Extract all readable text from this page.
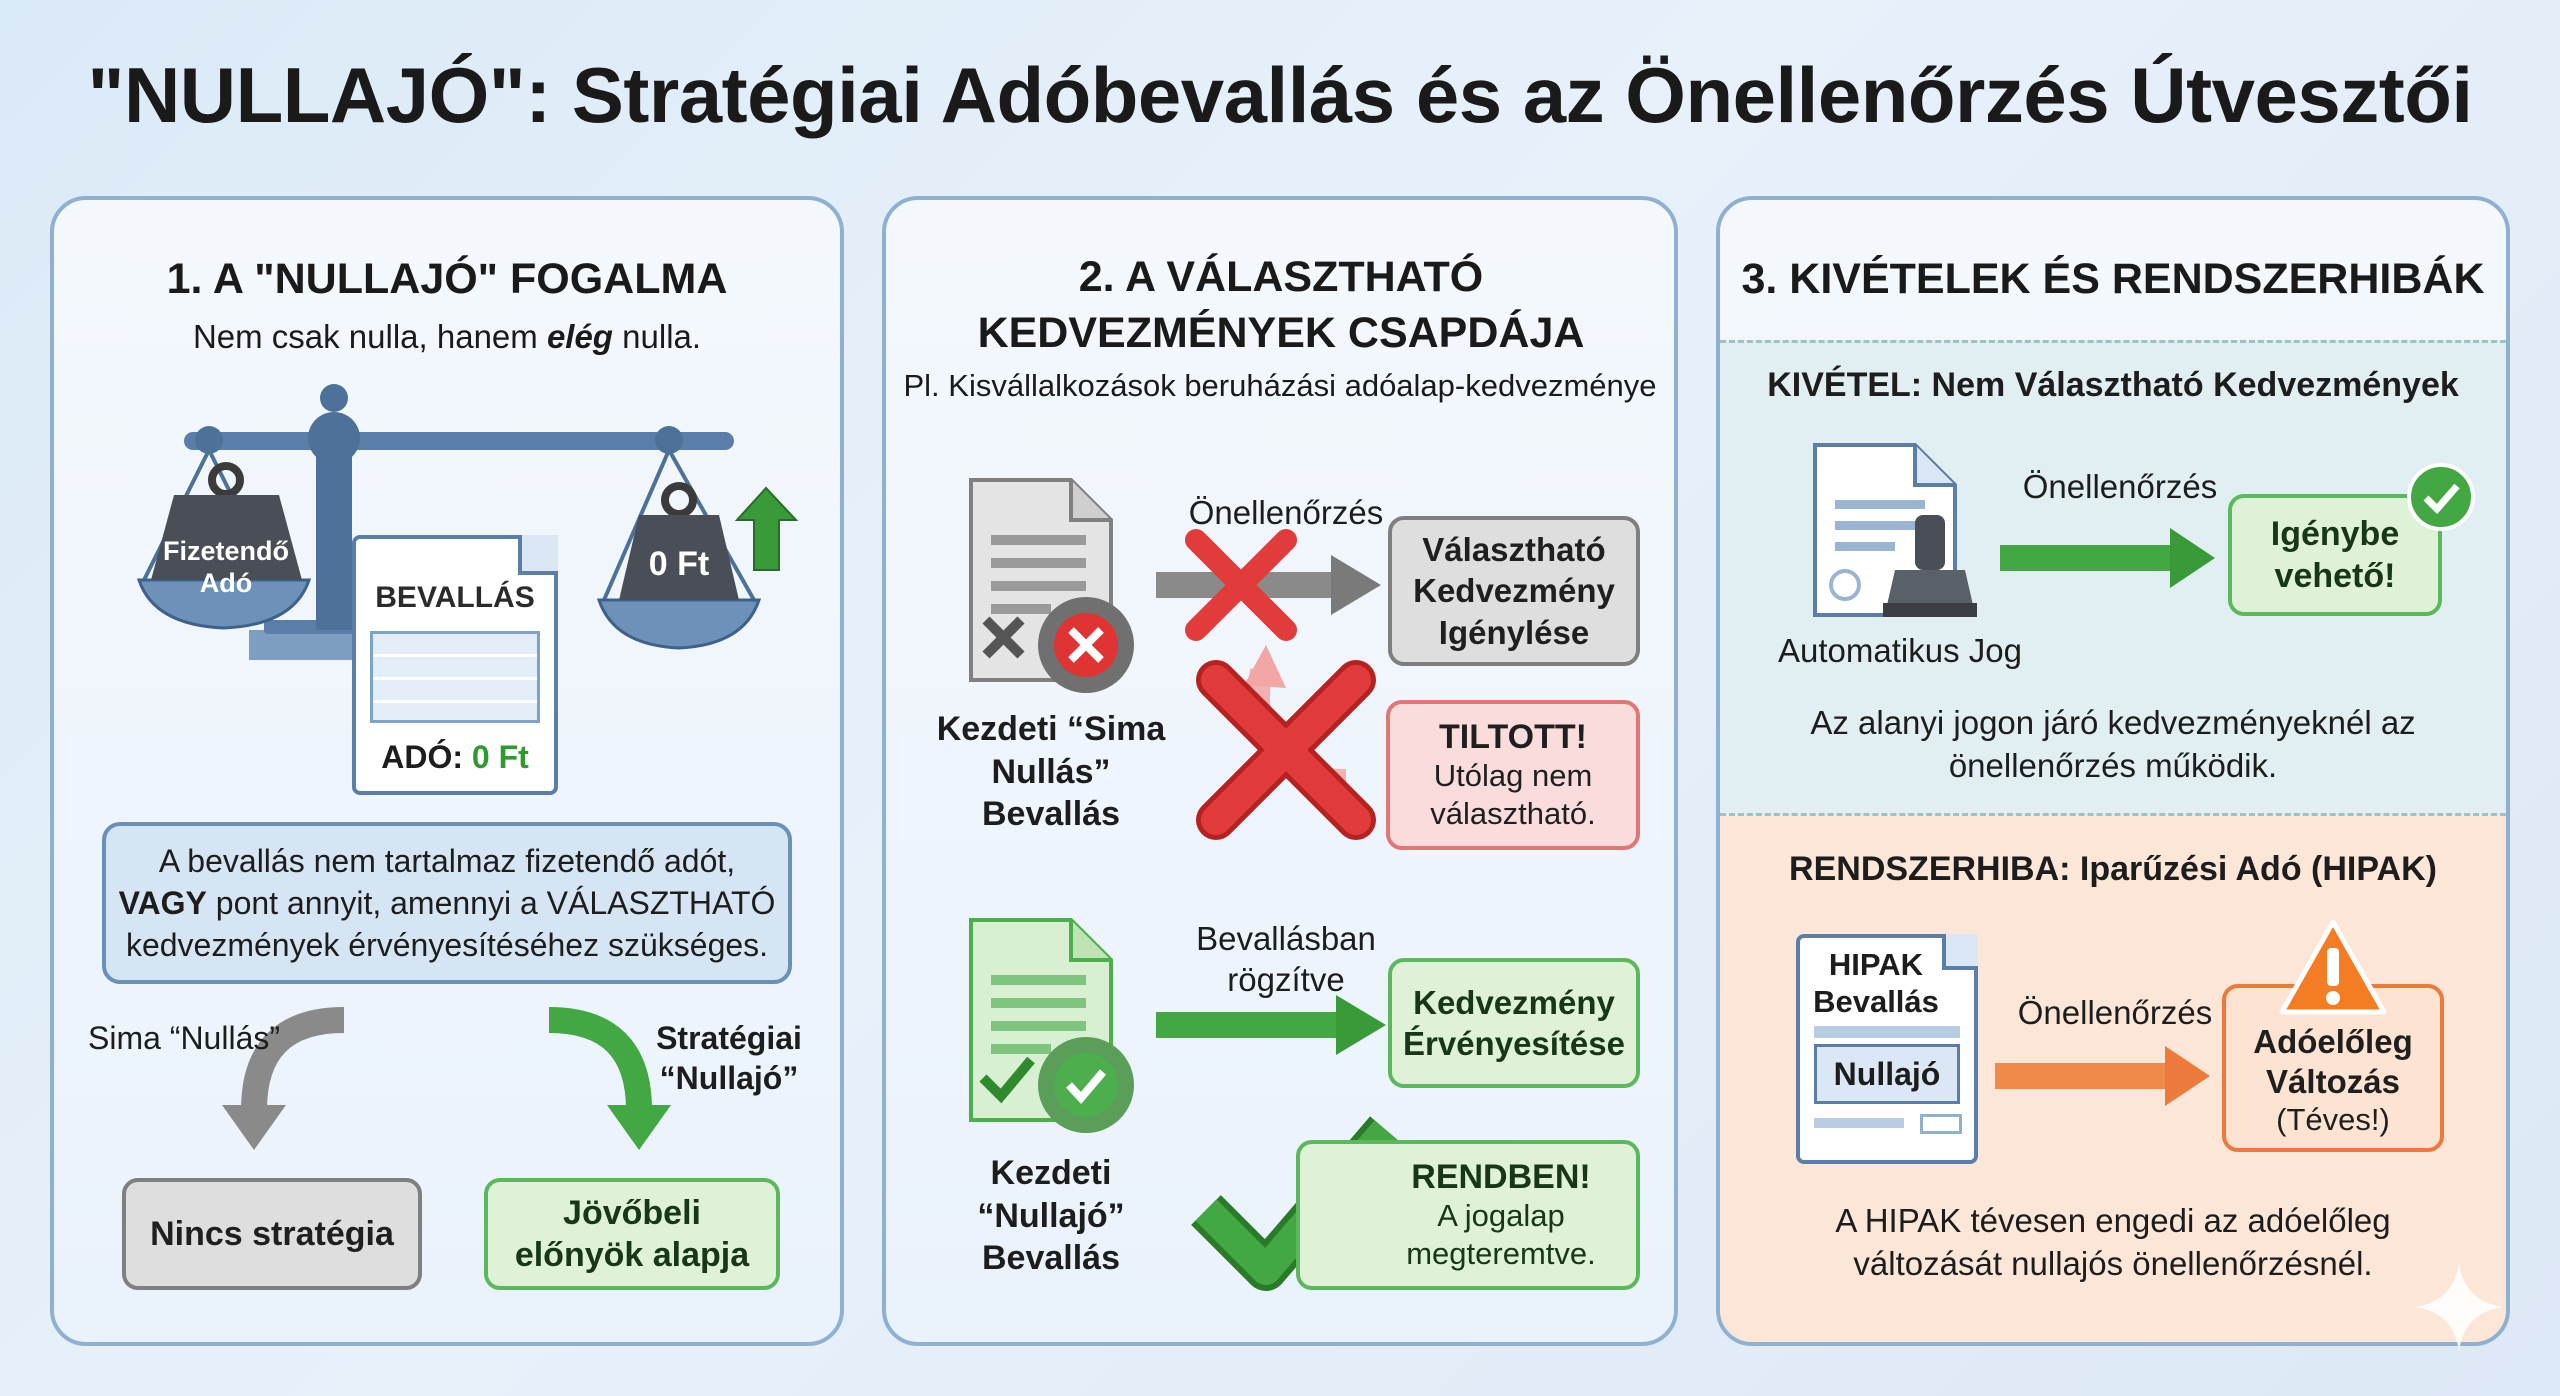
"NULLAJÓ": Stratégiai Adóbevallás és az Önellenőrzés Útvesztői
1. A "NULLAJÓ" FOGALMA
Nem csak nulla, hanem elég nulla.
Fizetendő Adó
0 Ft
BEVALLÁS
ADÓ: 0 Ft
A bevallás nem tartalmaz fizetendő adót,
VAGY pont annyit, amennyi a VÁLASZTHATÓ
kedvezmények érvényesítéséhez szükséges.
Sima “Nullás”	Stratégiai “Nullajó”
Nincs stratégia
Jövőbeli előnyök alapja
2. A VÁLASZTHATÓ KEDVEZMÉNYEK CSAPDÁJA
Pl. Kisvállalkozások beruházási adóalap-kedvezménye
Kezdeti “Sima Nullás” Bevallás
Önellenőrzés
Választható Kedvezmény Igénylése
TILTOTT!
Utólag nem választható.
Kezdeti “Nullajó” Bevallás
Bevallásban rögzítve
Kedvezmény Érvényesítése
RENDBEN!
A jogalap megteremtve.
3. KIVÉTELEK ÉS RENDSZERHIBÁK
KIVÉTEL: Nem Választható Kedvezmények
Automatikus Jog
Önellenőrzés
Igénybe vehető!
Az alanyi jogon járó kedvezményeknél az önellenőrzés működik.
RENDSZERHIBA: Iparűzési Adó (HIPAK)
HIPAK Bevallás
Nullajó
Önellenőrzés
Adóelőleg Változás
(Téves!)
A HIPAK tévesen engedi az adóelőleg változását nullajós önellenőrzésnél.
